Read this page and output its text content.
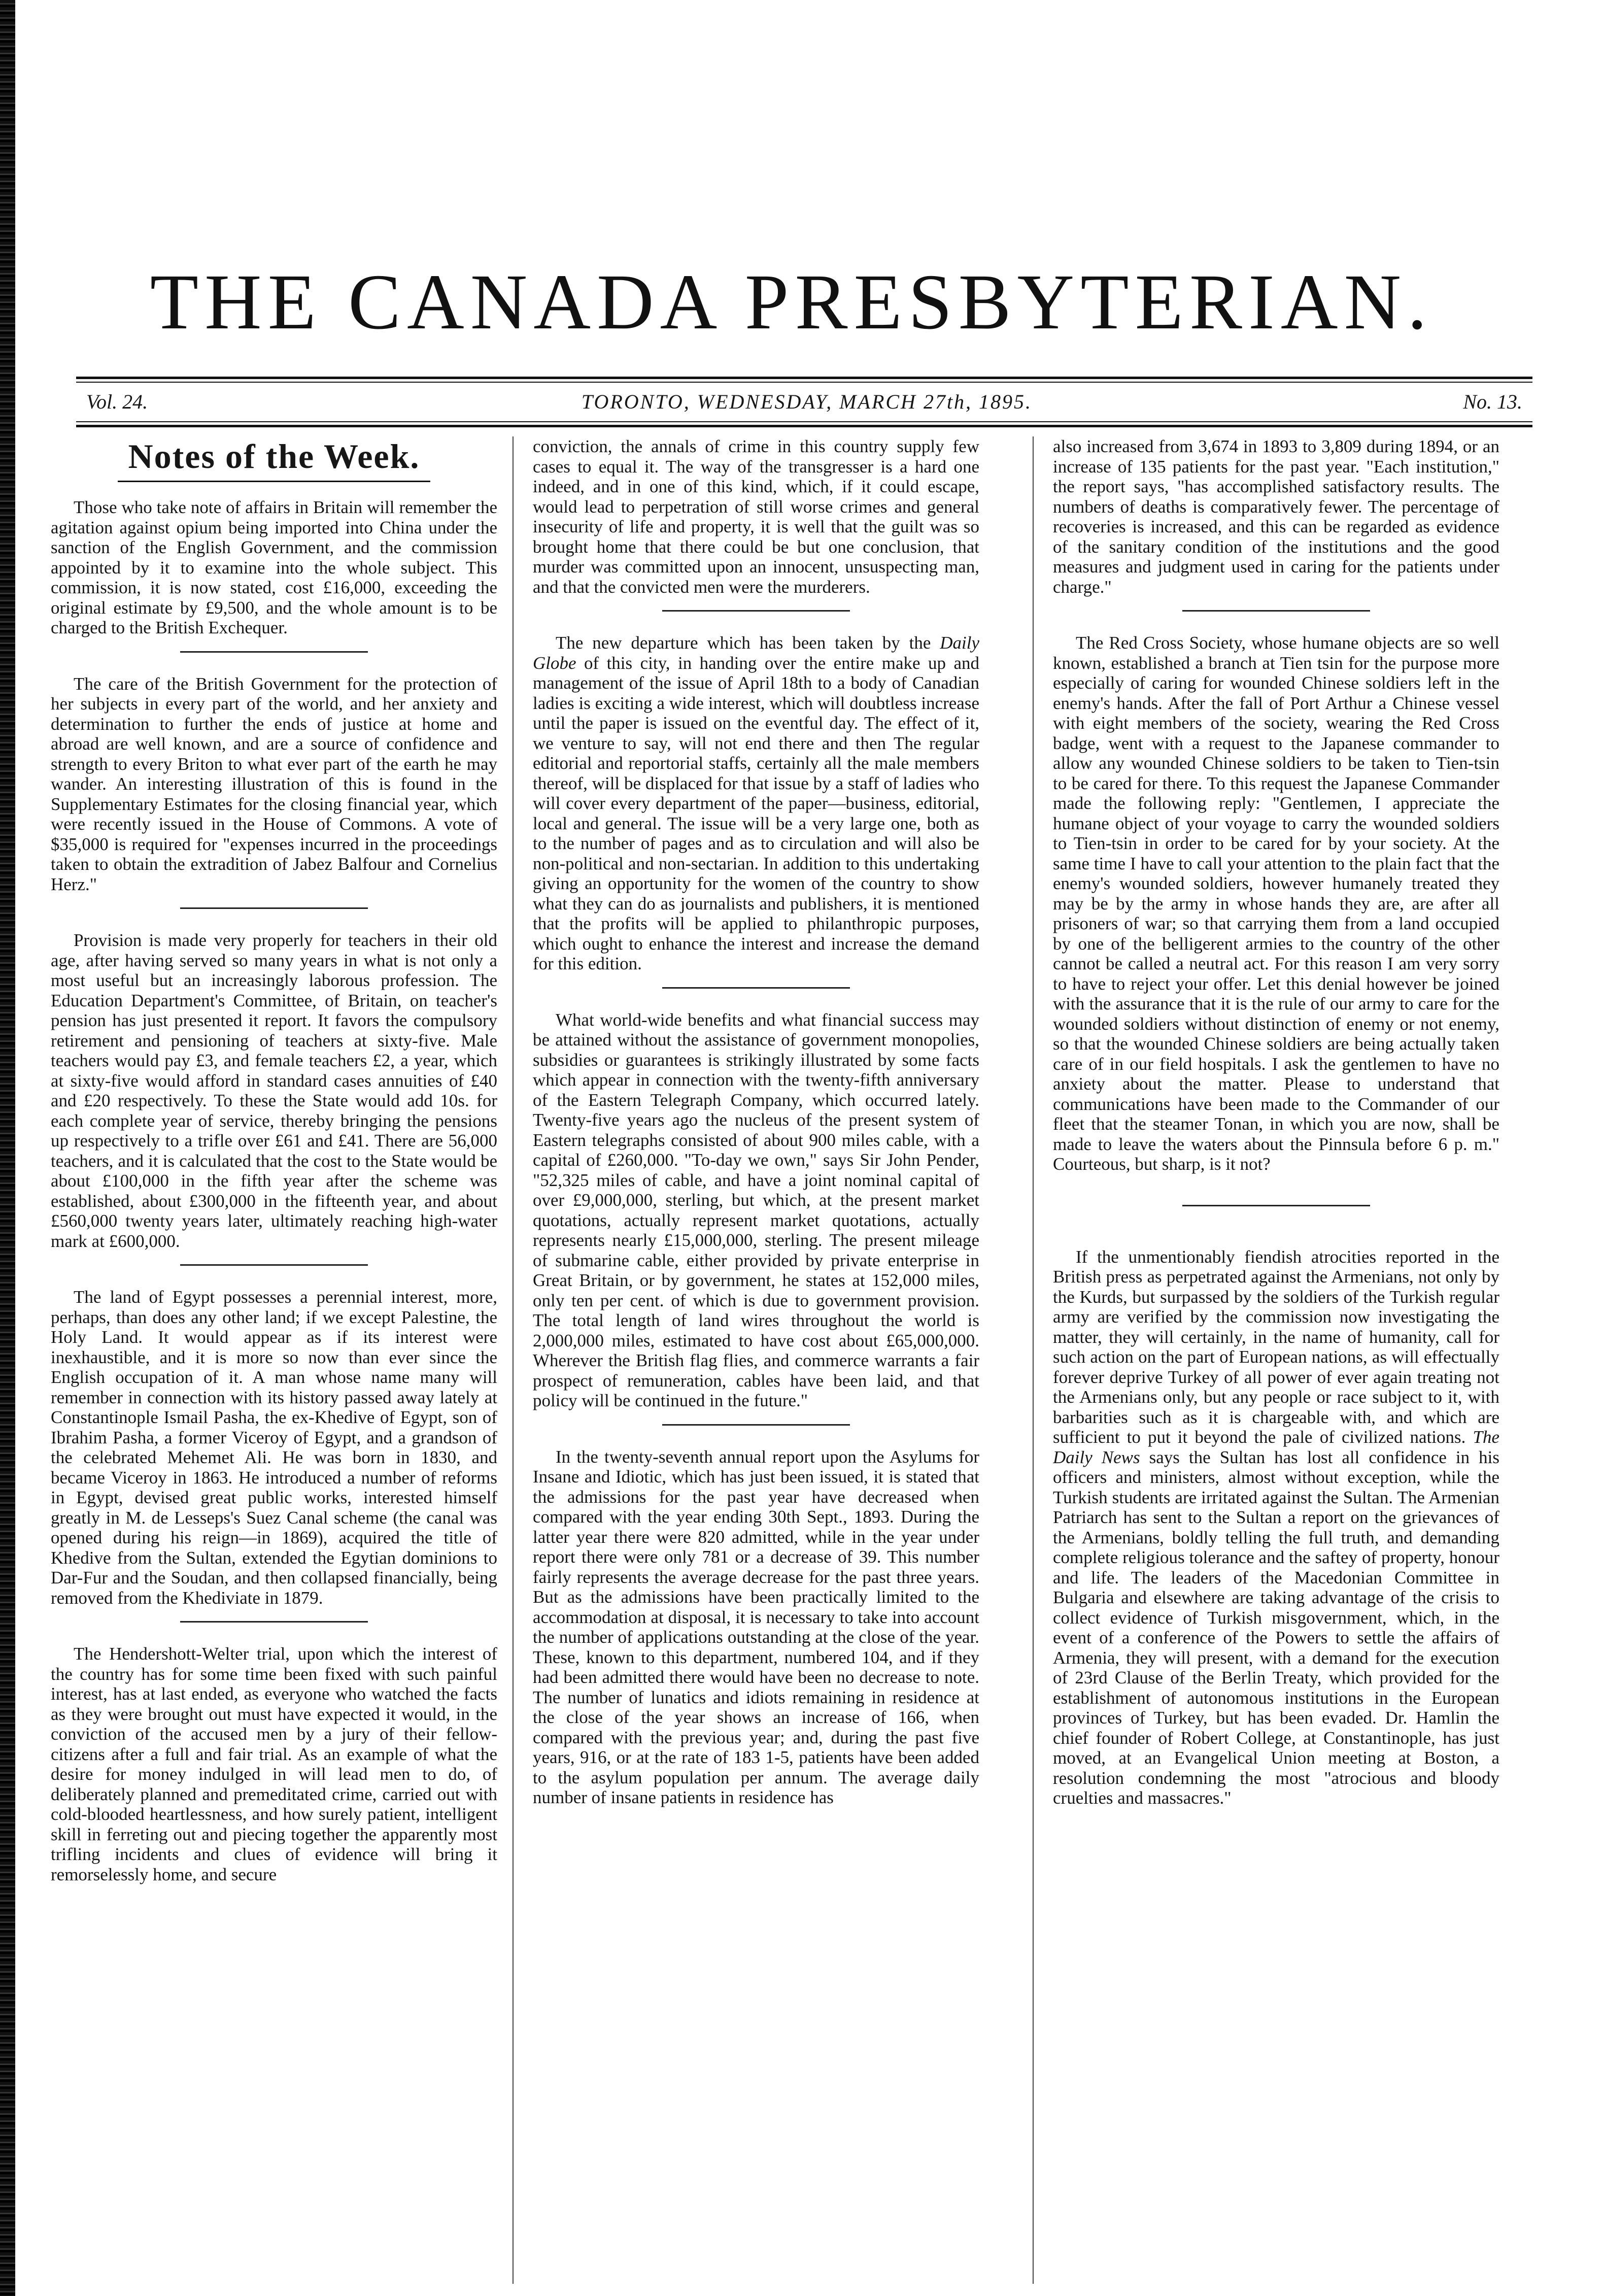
THE CANADA PRESBYTERIAN.
Vol. 24.	TORONTO, WEDNESDAY, MARCH 27th, 1895.	No. 13.
Notes of the Week.

Those who take note of affairs in Britain will remember the agitation against opium being imported into China under the sanction of the English Government, and the commission appointed by it to examine into the whole subject. This commission, it is now stated, cost £16,000, exceeding the original estimate by £9,500, and the whole amount is to be charged to the British Exchequer.

The care of the British Government for the protection of her subjects in every part of the world, and her anxiety and determination to further the ends of justice at home and abroad are well known, and are a source of confidence and strength to every Briton to what ever part of the earth he may wander. An interesting illustration of this is found in the Supplementary Estimates for the closing financial year, which were recently issued in the House of Commons. A vote of $35,000 is required for "expenses incurred in the proceedings taken to obtain the extradition of Jabez Balfour and Cornelius Herz."

Provision is made very properly for teachers in their old age, after having served so many years in what is not only a most useful but an increasingly laborous profession. The Education Department's Committee, of Britain, on teacher's pension has just presented it report. It favors the compulsory retirement and pensioning of teachers at sixty-five. Male teachers would pay £3, and female teachers £2, a year, which at sixty-five would afford in standard cases annuities of £40 and £20 respectively. To these the State would add 10s. for each complete year of service, thereby bringing the pensions up respectively to a trifle over £61 and £41. There are 56,000 teachers, and it is calculated that the cost to the State would be about £100,000 in the fifth year after the scheme was established, about £300,000 in the fifteenth year, and about £560,000 twenty years later, ultimately reaching high-water mark at £600,000.

The land of Egypt possesses a perennial interest, more, perhaps, than does any other land; if we except Palestine, the Holy Land. It would appear as if its interest were inexhaustible, and it is more so now than ever since the English occupation of it. A man whose name many will remember in connection with its history passed away lately at Constantinople Ismail Pasha, the ex-Khedive of Egypt, son of Ibrahim Pasha, a former Viceroy of Egypt, and a grandson of the celebrated Mehemet Ali. He was born in 1830, and became Viceroy in 1863. He introduced a number of reforms in Egypt, devised great public works, interested himself greatly in M. de Lesseps's Suez Canal scheme (the canal was opened during his reign—in 1869), acquired the title of Khedive from the Sultan, extended the Egytian dominions to Dar-Fur and the Soudan, and then collapsed financially, being removed from the Khediviate in 1879.

The Hendershott-Welter trial, upon which the interest of the country has for some time been fixed with such painful interest, has at last ended, as everyone who watched the facts as they were brought out must have expected it would, in the conviction of the accused men by a jury of their fellow-citizens after a full and fair trial. As an example of what the desire for money indulged in will lead men to do, of deliberately planned and premeditated crime, carried out with cold-blooded heartlessness, and how surely patient, intelligent skill in ferreting out and piecing together the apparently most trifling incidents and clues of evidence will bring it remorselessly home, and secure

conviction, the annals of crime in this country supply few cases to equal it. The way of the transgresser is a hard one indeed, and in one of this kind, which, if it could escape, would lead to perpetration of still worse crimes and general insecurity of life and property, it is well that the guilt was so brought home that there could be but one conclusion, that murder was committed upon an innocent, unsuspecting man, and that the convicted men were the murderers.

The new departure which has been taken by the Daily Globe of this city, in handing over the entire make up and management of the issue of April 18th to a body of Canadian ladies is exciting a wide interest, which will doubtless increase until the paper is issued on the eventful day. The effect of it, we venture to say, will not end there and then The regular editorial and reportorial staffs, certainly all the male members thereof, will be displaced for that issue by a staff of ladies who will cover every department of the paper—business, editorial, local and general. The issue will be a very large one, both as to the number of pages and as to circulation and will also be non-political and non-sectarian. In addition to this undertaking giving an opportunity for the women of the country to show what they can do as journalists and publishers, it is mentioned that the profits will be applied to philanthropic purposes, which ought to enhance the interest and increase the demand for this edition.

What world-wide benefits and what financial success may be attained without the assistance of government monopolies, subsidies or guarantees is strikingly illustrated by some facts which appear in connection with the twenty-fifth anniversary of the Eastern Telegraph Company, which occurred lately. Twenty-five years ago the nucleus of the present system of Eastern telegraphs consisted of about 900 miles cable, with a capital of £260,000. "To-day we own," says Sir John Pender, "52,325 miles of cable, and have a joint nominal capital of over £9,000,000, sterling, but which, at the present market quotations, actually represent market quotations, actually represents nearly £15,000,000, sterling. The present mileage of submarine cable, either provided by private enterprise in Great Britain, or by government, he states at 152,000 miles, only ten per cent. of which is due to government provision. The total length of land wires throughout the world is 2,000,000 miles, estimated to have cost about £65,000,000. Wherever the British flag flies, and commerce warrants a fair prospect of remuneration, cables have been laid, and that policy will be continued in the future."

In the twenty-seventh annual report upon the Asylums for Insane and Idiotic, which has just been issued, it is stated that the admissions for the past year have decreased when compared with the year ending 30th Sept., 1893. During the latter year there were 820 admitted, while in the year under report there were only 781 or a decrease of 39. This number fairly represents the average decrease for the past three years. But as the admissions have been practically limited to the accommodation at disposal, it is necessary to take into account the number of applications outstanding at the close of the year. These, known to this department, numbered 104, and if they had been admitted there would have been no decrease to note. The number of lunatics and idiots remaining in residence at the close of the year shows an increase of 166, when compared with the previous year; and, during the past five years, 916, or at the rate of 183 1-5, patients have been added to the asylum population per annum. The average daily number of insane patients in residence has

also increased from 3,674 in 1893 to 3,809 during 1894, or an increase of 135 patients for the past year. "Each institution," the report says, "has accomplished satisfactory results. The numbers of deaths is comparatively fewer. The percentage of recoveries is increased, and this can be regarded as evidence of the sanitary condition of the institutions and the good measures and judgment used in caring for the patients under charge."

The Red Cross Society, whose humane objects are so well known, established a branch at Tien tsin for the purpose more especially of caring for wounded Chinese soldiers left in the enemy's hands. After the fall of Port Arthur a Chinese vessel with eight members of the society, wearing the Red Cross badge, went with a request to the Japanese commander to allow any wounded Chinese soldiers to be taken to Tien-tsin to be cared for there. To this request the Japanese Commander made the following reply: "Gentlemen, I appreciate the humane object of your voyage to carry the wounded soldiers to Tien-tsin in order to be cared for by your society. At the same time I have to call your attention to the plain fact that the enemy's wounded soldiers, however humanely treated they may be by the army in whose hands they are, are after all prisoners of war; so that carrying them from a land occupied by one of the belligerent armies to the country of the other cannot be called a neutral act. For this reason I am very sorry to have to reject your offer. Let this denial however be joined with the assurance that it is the rule of our army to care for the wounded soldiers without distinction of enemy or not enemy, so that the wounded Chinese soldiers are being actually taken care of in our field hospitals. I ask the gentlemen to have no anxiety about the matter. Please to understand that communications have been made to the Commander of our fleet that the steamer Tonan, in which you are now, shall be made to leave the waters about the Pinnsula before 6 p. m." Courteous, but sharp, is it not?

If the unmentionably fiendish atrocities reported in the British press as perpetrated against the Armenians, not only by the Kurds, but surpassed by the soldiers of the Turkish regular army are verified by the commission now investigating the matter, they will certainly, in the name of humanity, call for such action on the part of European nations, as will effectually forever deprive Turkey of all power of ever again treating not the Armenians only, but any people or race subject to it, with barbarities such as it is chargeable with, and which are sufficient to put it beyond the pale of civilized nations. The Daily News says the Sultan has lost all confidence in his officers and ministers, almost without exception, while the Turkish students are irritated against the Sultan. The Armenian Patriarch has sent to the Sultan a report on the grievances of the Armenians, boldly telling the full truth, and demanding complete religious tolerance and the saftey of property, honour and life. The leaders of the Macedonian Committee in Bulgaria and elsewhere are taking advantage of the crisis to collect evidence of Turkish misgovernment, which, in the event of a conference of the Powers to settle the affairs of Armenia, they will present, with a demand for the execution of 23rd Clause of the Berlin Treaty, which provided for the establishment of autonomous institutions in the European provinces of Turkey, but has been evaded. Dr. Hamlin the chief founder of Robert College, at Constantinople, has just moved, at an Evangelical Union meeting at Boston, a resolution condemning the most "atrocious and bloody cruelties and massacres."
